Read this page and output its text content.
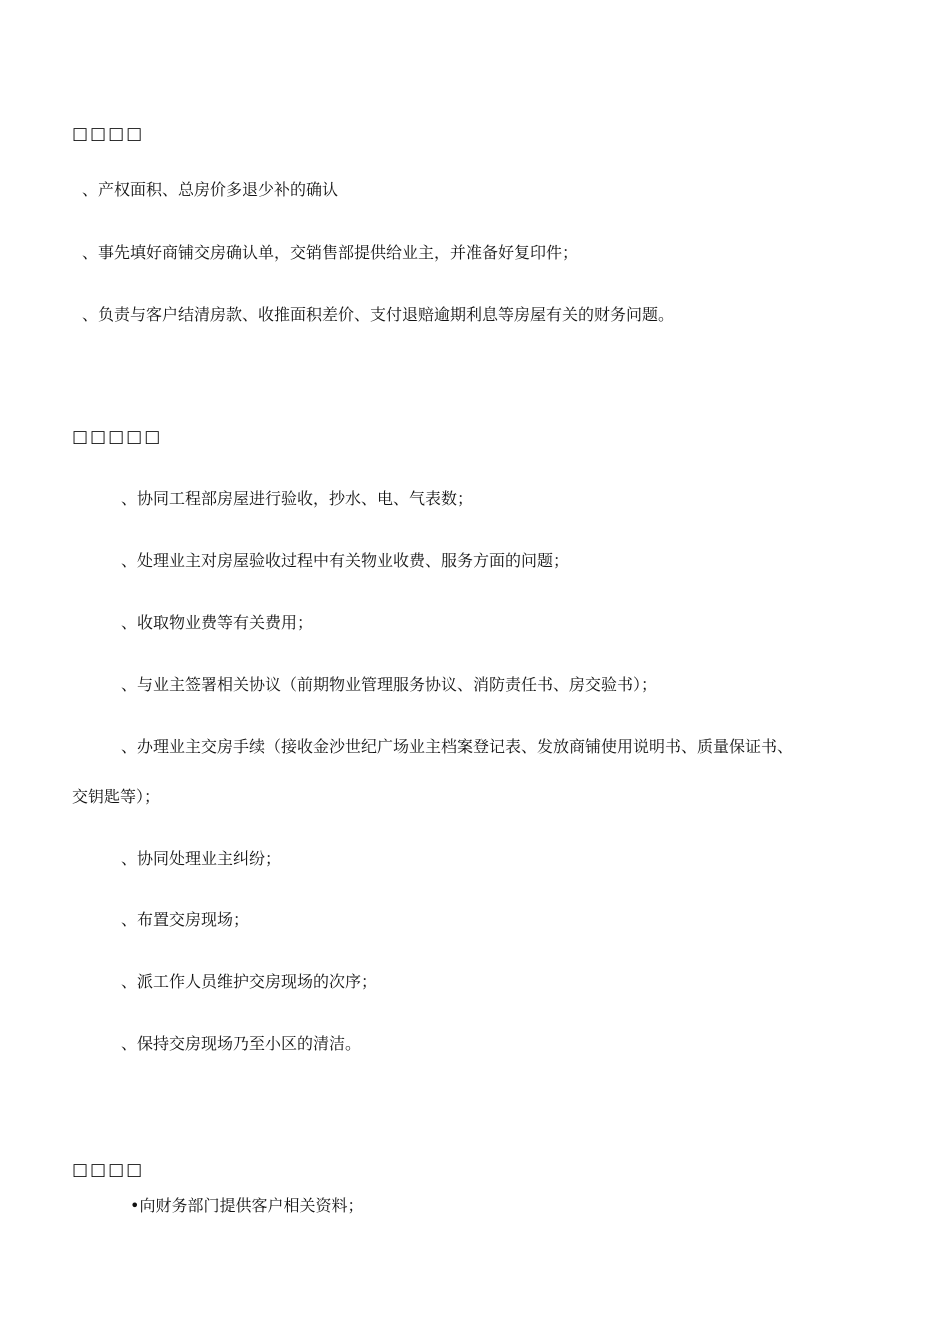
□□□□
、产权面积、总房价多退少补的确认
、事先填好商铺交房确认单，交销售部提供给业主，并准备好复印件；
、负责与客户结清房款、收推面积差价、支付退赔逾期利息等房屋有关的财务问题。
□□□□□
、协同工程部房屋进行验收，抄水、电、气表数；
、处理业主对房屋验收过程中有关物业收费、服务方面的问题；
、收取物业费等有关费用；
、与业主签署相关协议（前期物业管理服务协议、消防责任书、房交验书）；
、办理业主交房手续（接收金沙世纪广场业主档案登记表、发放商铺使用说明书、质量保证书、
交钥匙等）；
、协同处理业主纠纷；
、布置交房现场；
、派工作人员维护交房现场的次序；
、保持交房现场乃至小区的清洁。
□□□□
•向财务部门提供客户相关资料；
